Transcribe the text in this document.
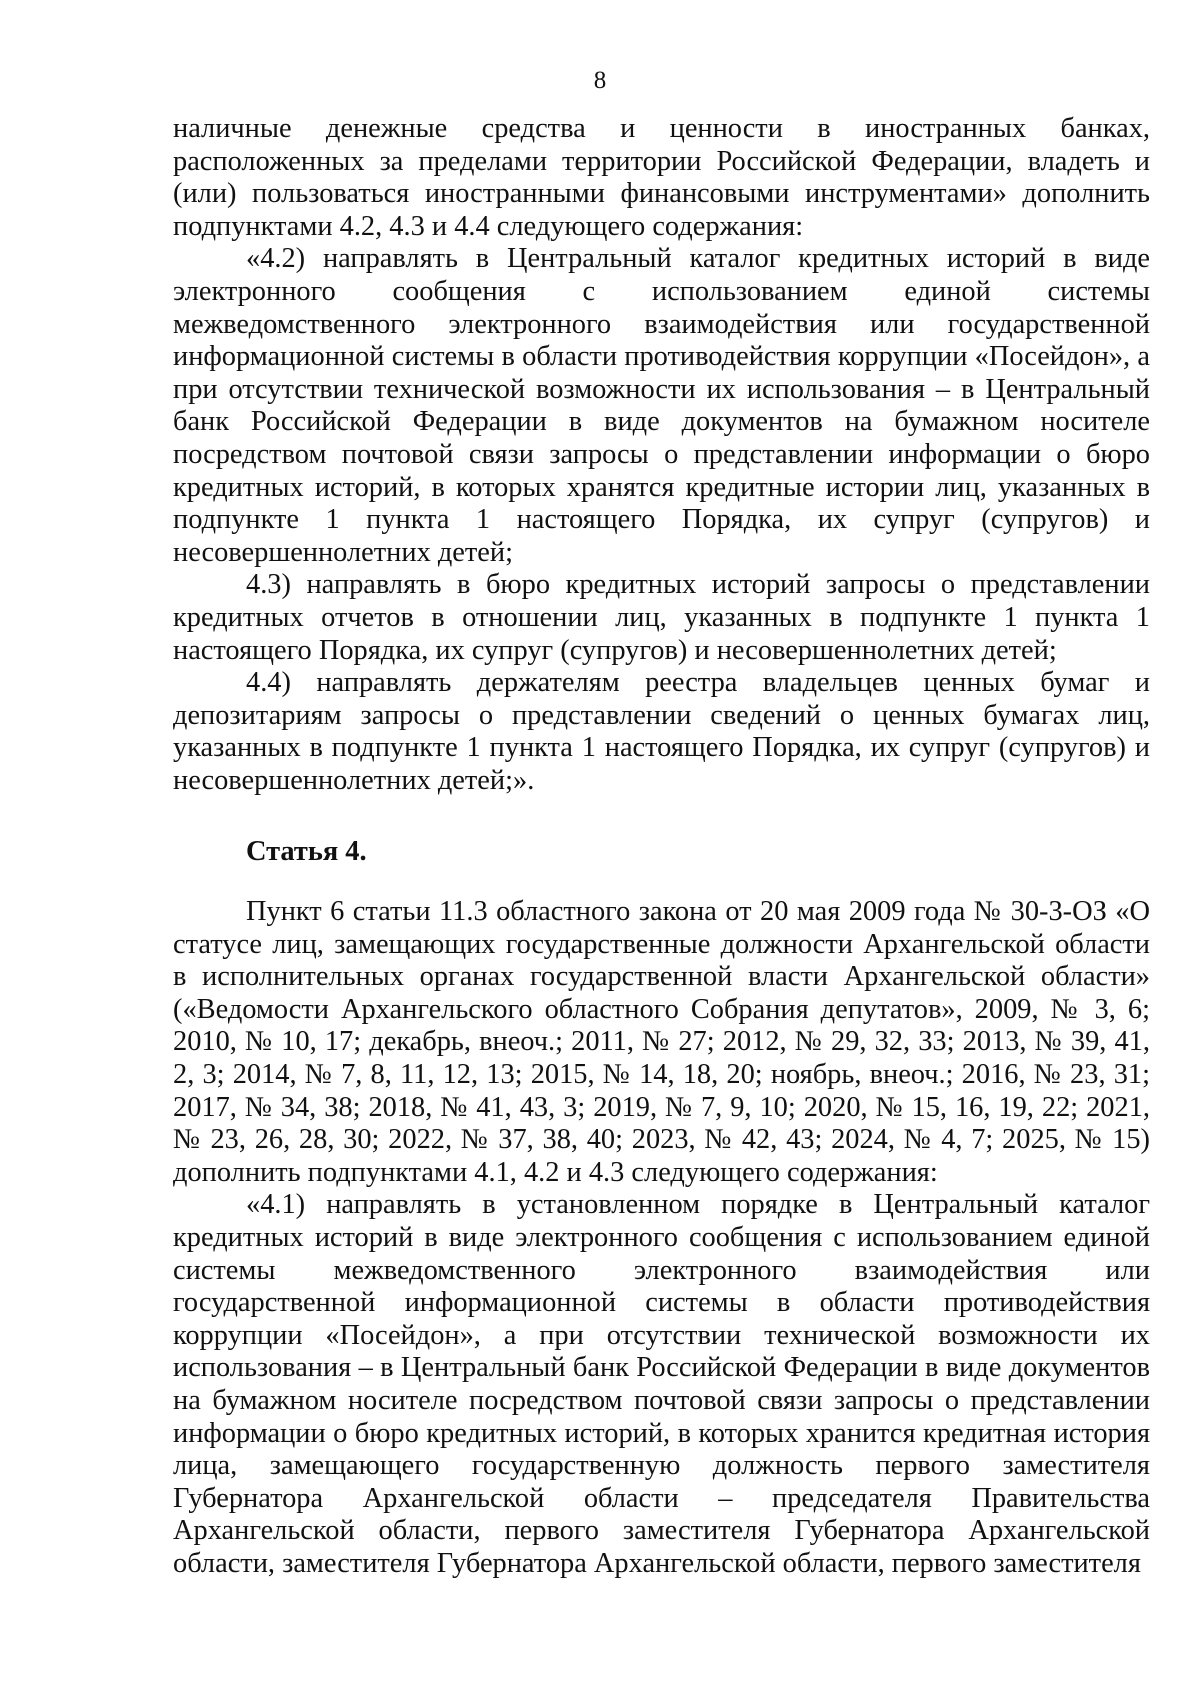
8

наличные денежные средства и ценности в иностранных банках, расположенных за пределами территории Российской Федерации, владеть и (или) пользоваться иностранными финансовыми инструментами» дополнить подпунктами 4.2, 4.3 и 4.4 следующего содержания:

«4.2) направлять в Центральный каталог кредитных историй в виде электронного сообщения с использованием единой системы межведомственного электронного взаимодействия или государственной информационной системы в области противодействия коррупции «Посейдон», а при отсутствии технической возможности их использования – в Центральный банк Российской Федерации в виде документов на бумажном носителе посредством почтовой связи запросы о представлении информации о бюро кредитных историй, в которых хранятся кредитные истории лиц, указанных в подпункте 1 пункта 1 настоящего Порядка, их супруг (супругов) и несовершеннолетних детей;

4.3) направлять в бюро кредитных историй запросы о представлении кредитных отчетов в отношении лиц, указанных в подпункте 1 пункта 1 настоящего Порядка, их супруг (супругов) и несовершеннолетних детей;

4.4) направлять держателям реестра владельцев ценных бумаг и депозитариям запросы о представлении сведений о ценных бумагах лиц, указанных в подпункте 1 пункта 1 настоящего Порядка, их супруг (супругов) и несовершеннолетних детей;».

Статья 4.

Пункт 6 статьи 11.3 областного закона от 20 мая 2009 года № 30-3-ОЗ «О статусе лиц, замещающих государственные должности Архангельской области в исполнительных органах государственной власти Архангельской области» («Ведомости Архангельского областного Собрания депутатов», 2009, № 3, 6; 2010, № 10, 17; декабрь, внеоч.; 2011, № 27; 2012, № 29, 32, 33; 2013, № 39, 41, 2, 3; 2014, № 7, 8, 11, 12, 13; 2015, № 14, 18, 20; ноябрь, внеоч.; 2016, № 23, 31; 2017, № 34, 38; 2018, № 41, 43, 3; 2019, № 7, 9, 10; 2020, № 15, 16, 19, 22; 2021, № 23, 26, 28, 30; 2022, № 37, 38, 40; 2023, № 42, 43; 2024, № 4, 7; 2025, № 15) дополнить подпунктами 4.1, 4.2 и 4.3 следующего содержания:

«4.1) направлять в установленном порядке в Центральный каталог кредитных историй в виде электронного сообщения с использованием единой системы межведомственного электронного взаимодействия или государственной информационной системы в области противодействия коррупции «Посейдон», а при отсутствии технической возможности их использования – в Центральный банк Российской Федерации в виде документов на бумажном носителе посредством почтовой связи запросы о представлении информации о бюро кредитных историй, в которых хранится кредитная история лица, замещающего государственную должность первого заместителя Губернатора Архангельской области – председателя Правительства Архангельской области, первого заместителя Губернатора Архангельской области, заместителя Губернатора Архангельской области, первого заместителя
